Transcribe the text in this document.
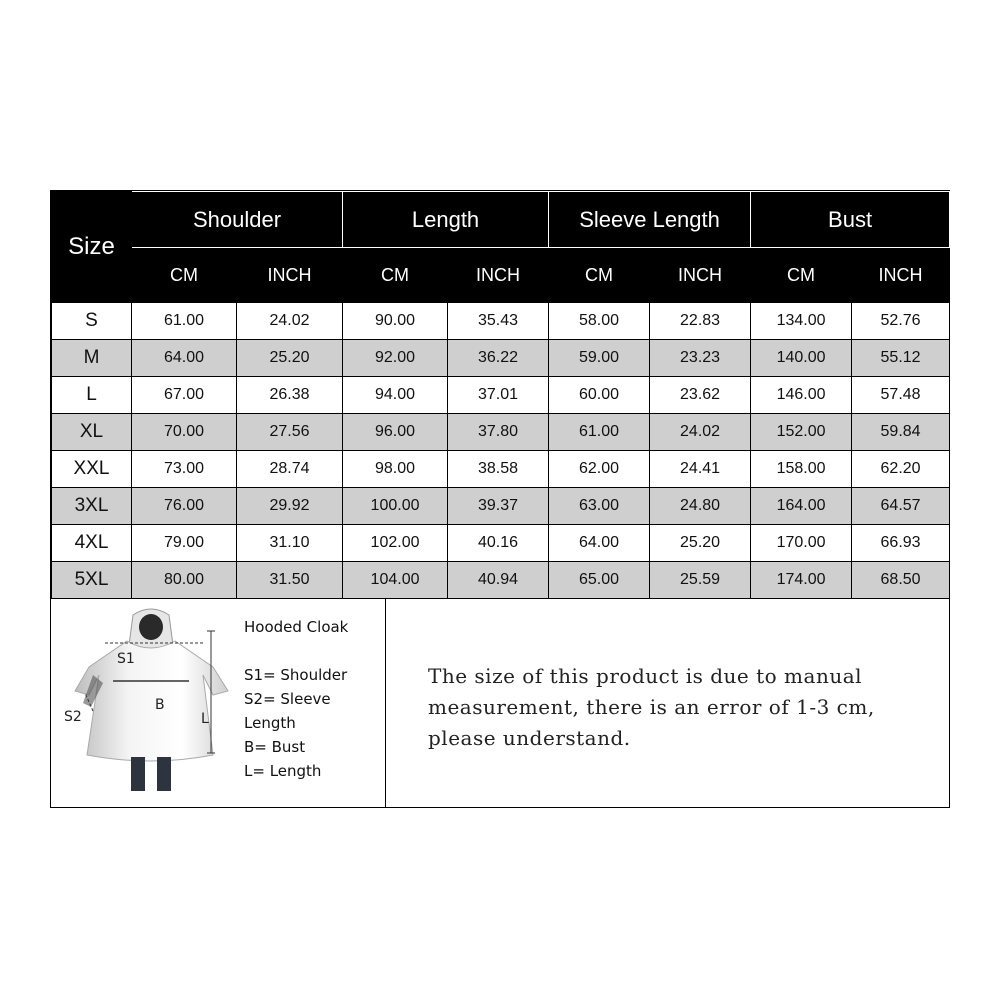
Size	Shoulder		Length		Sleeve Length		Bust	
	CM	INCH	CM	INCH	CM	INCH	CM	INCH
S	61.00	24.02	90.00	35.43	58.00	22.83	134.00	52.76
M	64.00	25.20	92.00	36.22	59.00	23.23	140.00	55.12
L	67.00	26.38	94.00	37.01	60.00	23.62	146.00	57.48
XL	70.00	27.56	96.00	37.80	61.00	24.02	152.00	59.84
XXL	73.00	28.74	98.00	38.58	62.00	24.41	158.00	62.20
3XL	76.00	29.92	100.00	39.37	63.00	24.80	164.00	64.57
4XL	79.00	31.10	102.00	40.16	64.00	25.20	170.00	66.93
5XL	80.00	31.50	104.00	40.94	65.00	25.59	174.00	68.50
S1
B
L
S2
Hooded Cloak
S1= Shoulder
S2= Sleeve Length
B= Bust
L= Length
The size of this product is due to manual
measurement, there is an error of 1-3 cm,
please understand.
